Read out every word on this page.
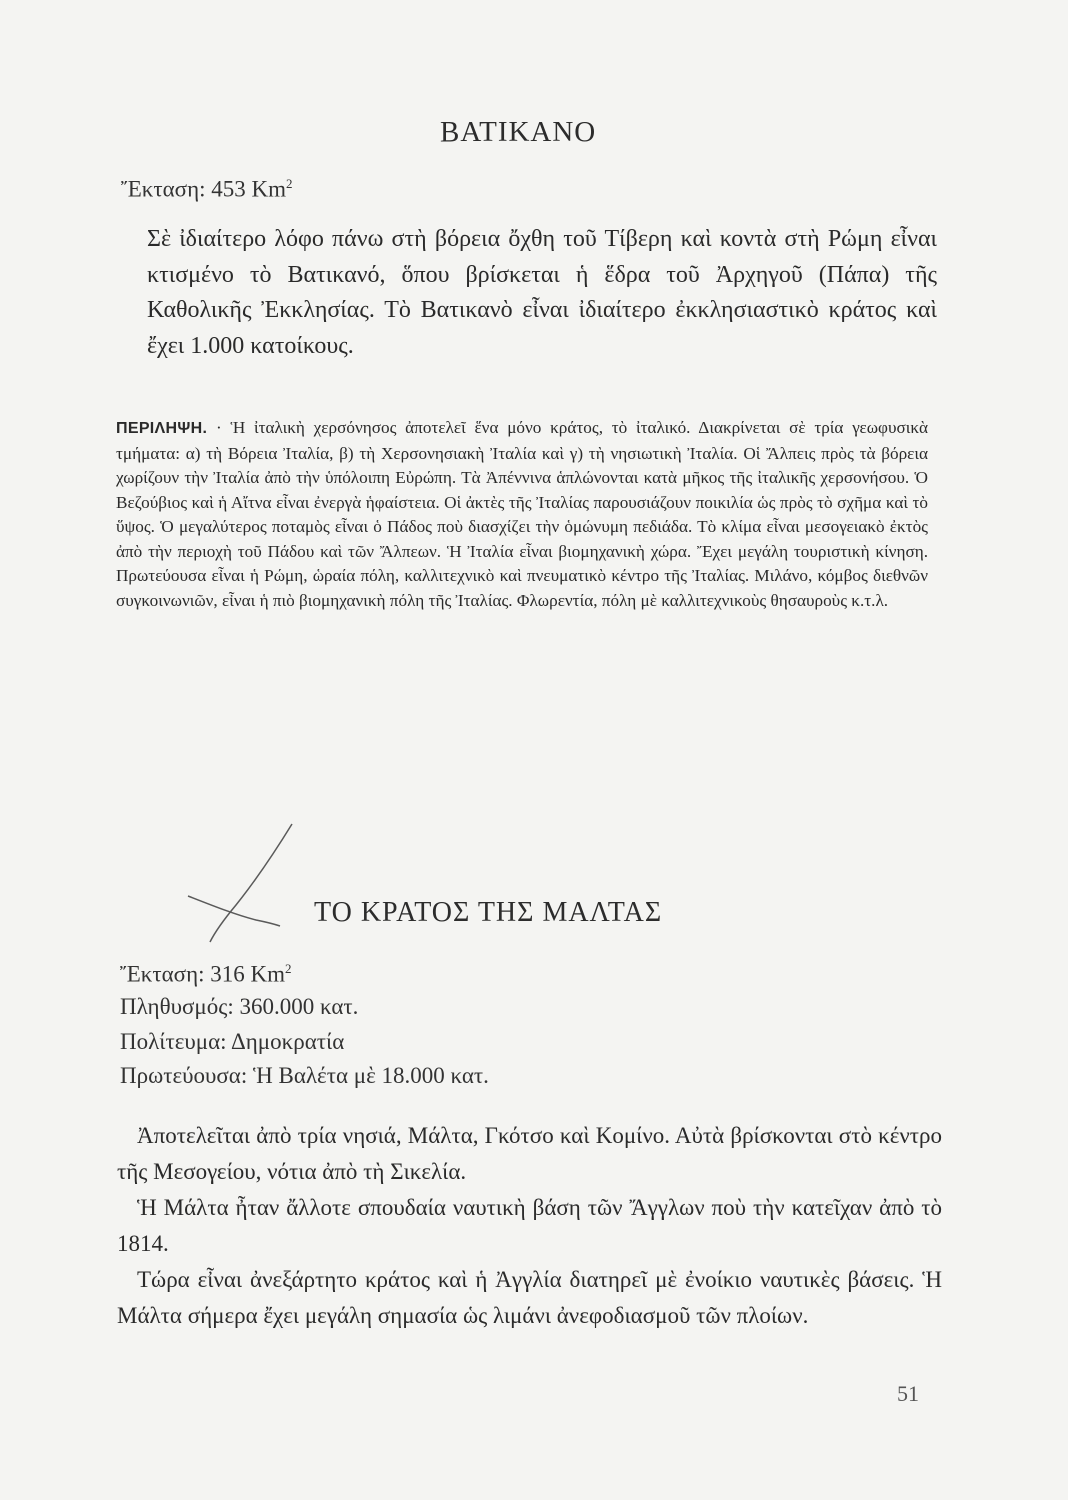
ΒΑΤΙΚΑΝΟ
Ἔκταση: 453 Km$^2$
Σὲ ἰδιαίτερο λόφο πάνω στὴ βόρεια ὄχθη τοῦ Τίβερη καὶ κοντὰ στὴ Ρώμη εἶναι κτισμένο τὸ Βατικανό, ὅπου βρίσκεται ἡ ἕδρα τοῦ Ἀρχηγοῦ (Πάπα) τῆς Καθολικῆς Ἐκκλησίας. Τὸ Βατικανὸ εἶναι ἰδιαίτερο ἐκκλησιαστικὸ κράτος καὶ ἔχει 1.000 κατοίκους.
ΠΕΡΙΛΗΨΗ. · Ἡ ἰταλικὴ χερσόνησος ἀποτελεῖ ἕνα μόνο κράτος, τὸ ἰταλικό. Διακρίνεται σὲ τρία γεωφυσικὰ τμήματα: α) τὴ Βόρεια Ἰταλία, β) τὴ Χερσονησιακὴ Ἰταλία καὶ γ) τὴ νησιωτικὴ Ἰταλία. Οἱ Ἄλπεις πρὸς τὰ βόρεια χωρίζουν τὴν Ἰταλία ἀπὸ τὴν ὑπόλοιπη Εὐρώπη. Τὰ Ἀπέννινα ἁπλώνονται κατὰ μῆκος τῆς ἰταλικῆς χερσονήσου. Ὁ Βεζούβιος καὶ ἡ Αἴτνα εἶναι ἐνεργὰ ἡφαίστεια. Οἱ ἀκτὲς τῆς Ἰταλίας παρουσιάζουν ποικιλία ὡς πρὸς τὸ σχῆμα καὶ τὸ ὕψος. Ὁ μεγαλύτερος ποταμὸς εἶναι ὁ Πάδος ποὺ διασχίζει τὴν ὁμώνυμη πεδιάδα. Τὸ κλίμα εἶναι μεσογειακὸ ἐκτὸς ἀπὸ τὴν περιοχὴ τοῦ Πάδου καὶ τῶν Ἄλπεων. Ἡ Ἰταλία εἶναι βιομηχανικὴ χώρα. Ἔχει μεγάλη τουριστικὴ κίνηση. Πρωτεύουσα εἶναι ἡ Ρώμη, ὡραία πόλη, καλλιτεχνικὸ καὶ πνευματικὸ κέντρο τῆς Ἰταλίας. Μιλάνο, κόμβος διεθνῶν συγκοινωνιῶν, εἶναι ἡ πιὸ βιομηχανικὴ πόλη τῆς Ἰταλίας. Φλωρεντία, πόλη μὲ καλλιτεχνικοὺς θησαυροὺς κ.τ.λ.
ΤΟ ΚΡΑΤΟΣ ΤΗΣ ΜΑΛΤΑΣ
Ἔκταση: 316 Km$^2$
Πληθυσμός: 360.000 κατ.
Πολίτευμα: Δημοκρατία
Πρωτεύουσα: Ἡ Βαλέτα μὲ 18.000 κατ.
Ἀποτελεῖται ἀπὸ τρία νησιά, Μάλτα, Γκότσο καὶ Κομίνο. Αὐτὰ βρίσκονται στὸ κέντρο τῆς Μεσογείου, νότια ἀπὸ τὴ Σικελία.
Ἡ Μάλτα ἦταν ἄλλοτε σπουδαία ναυτικὴ βάση τῶν Ἄγγλων ποὺ τὴν κατεῖχαν ἀπὸ τὸ 1814.
Τώρα εἶναι ἀνεξάρτητο κράτος καὶ ἡ Ἀγγλία διατηρεῖ μὲ ἐνοίκιο ναυτικὲς βάσεις. Ἡ Μάλτα σήμερα ἔχει μεγάλη σημασία ὡς λιμάνι ἀνεφοδιασμοῦ τῶν πλοίων.
51
